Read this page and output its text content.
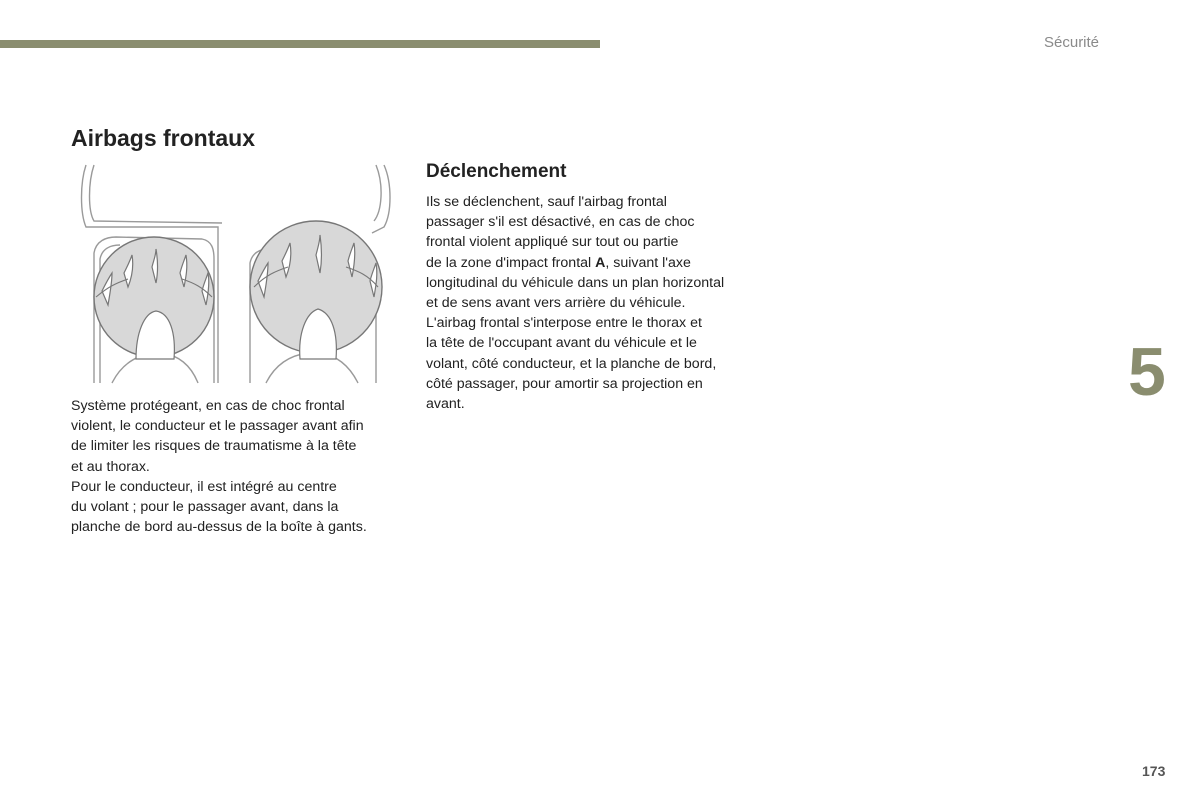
Sécurité
Airbags frontaux

Système protégeant, en cas de choc frontal
violent, le conducteur et le passager avant afin
de limiter les risques de traumatisme à la tête
et au thorax.
Pour le conducteur, il est intégré au centre
du volant ; pour le passager avant, dans la
planche de bord au-dessus de la boîte à gants.

Déclenchement

Ils se déclenchent, sauf l'airbag frontal
passager s'il est désactivé, en cas de choc
frontal violent appliqué sur tout ou partie
de la zone d'impact frontal A, suivant l'axe
longitudinal du véhicule dans un plan horizontal
et de sens avant vers arrière du véhicule.
L'airbag frontal s'interpose entre le thorax et
la tête de l'occupant avant du véhicule et le
volant, côté conducteur, et la planche de bord,
côté passager, pour amortir sa projection en
avant.	5
173
